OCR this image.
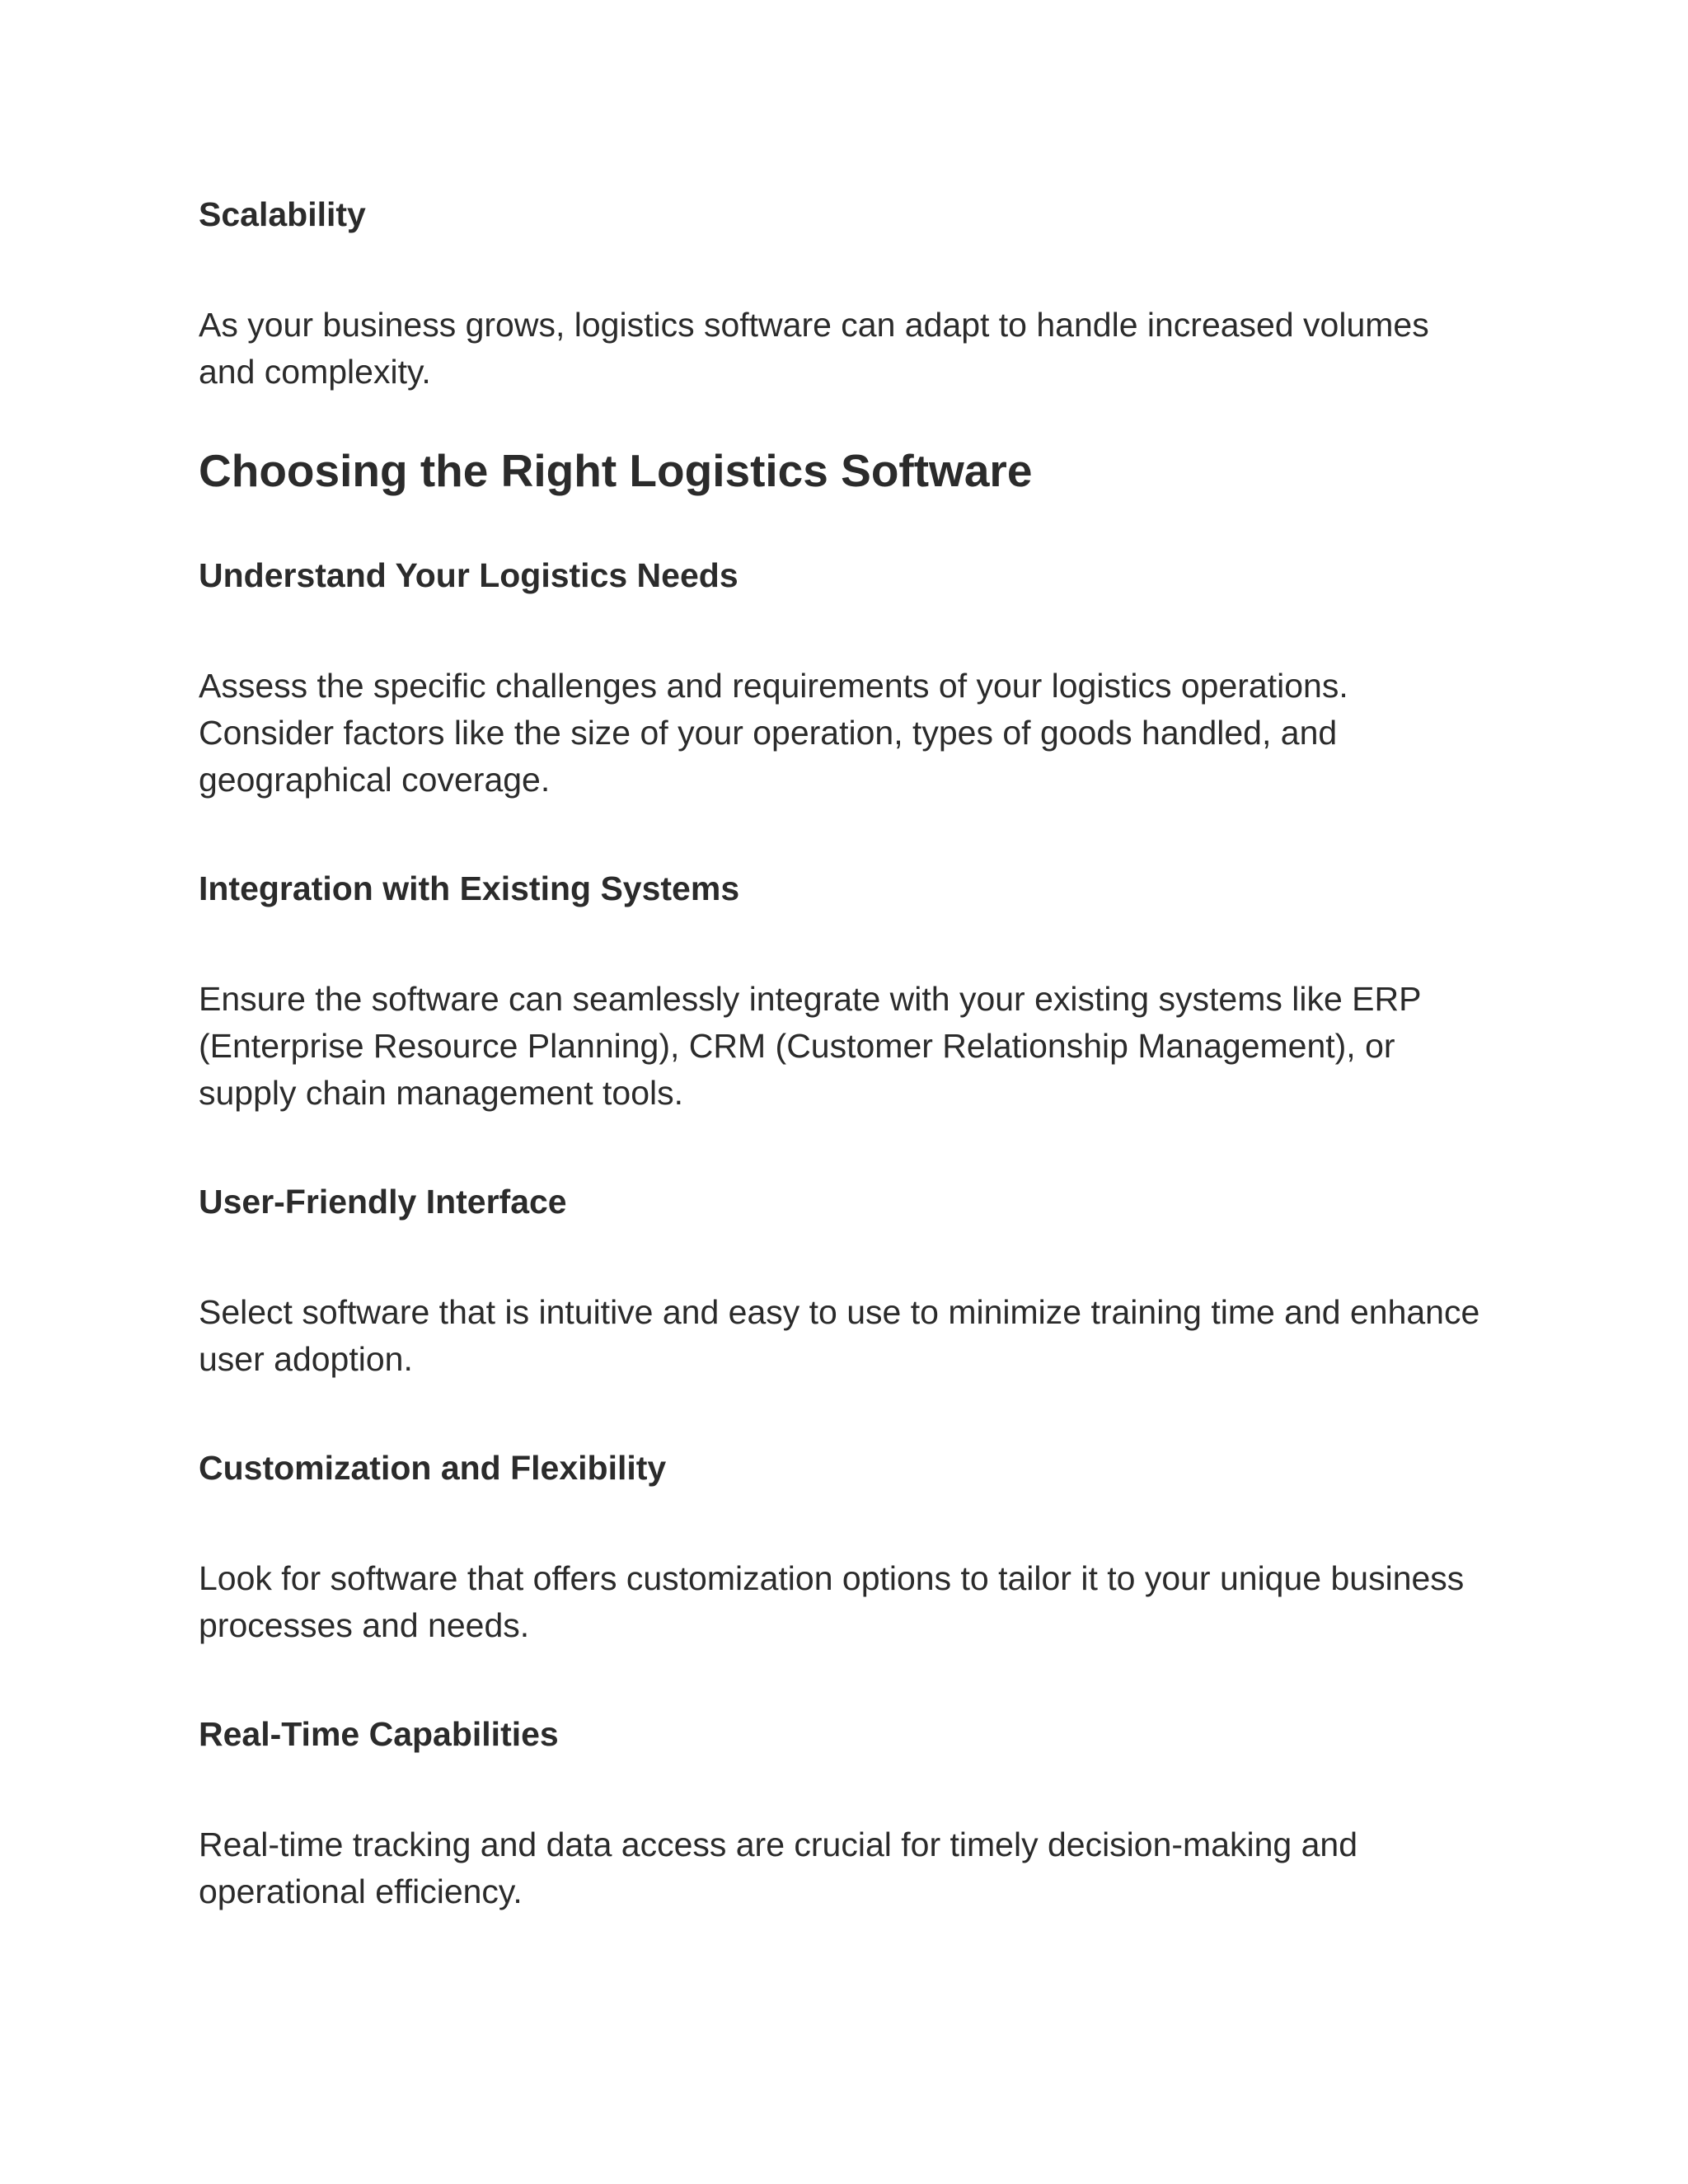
Scalability
As your business grows, logistics software can adapt to handle increased volumes and complexity.
Choosing the Right Logistics Software
Understand Your Logistics Needs
Assess the specific challenges and requirements of your logistics operations. Consider factors like the size of your operation, types of goods handled, and geographical coverage.
Integration with Existing Systems
Ensure the software can seamlessly integrate with your existing systems like ERP (Enterprise Resource Planning), CRM (Customer Relationship Management), or supply chain management tools.
User-Friendly Interface
Select software that is intuitive and easy to use to minimize training time and enhance user adoption.
Customization and Flexibility
Look for software that offers customization options to tailor it to your unique business processes and needs.
Real-Time Capabilities
Real-time tracking and data access are crucial for timely decision-making and operational efficiency.
